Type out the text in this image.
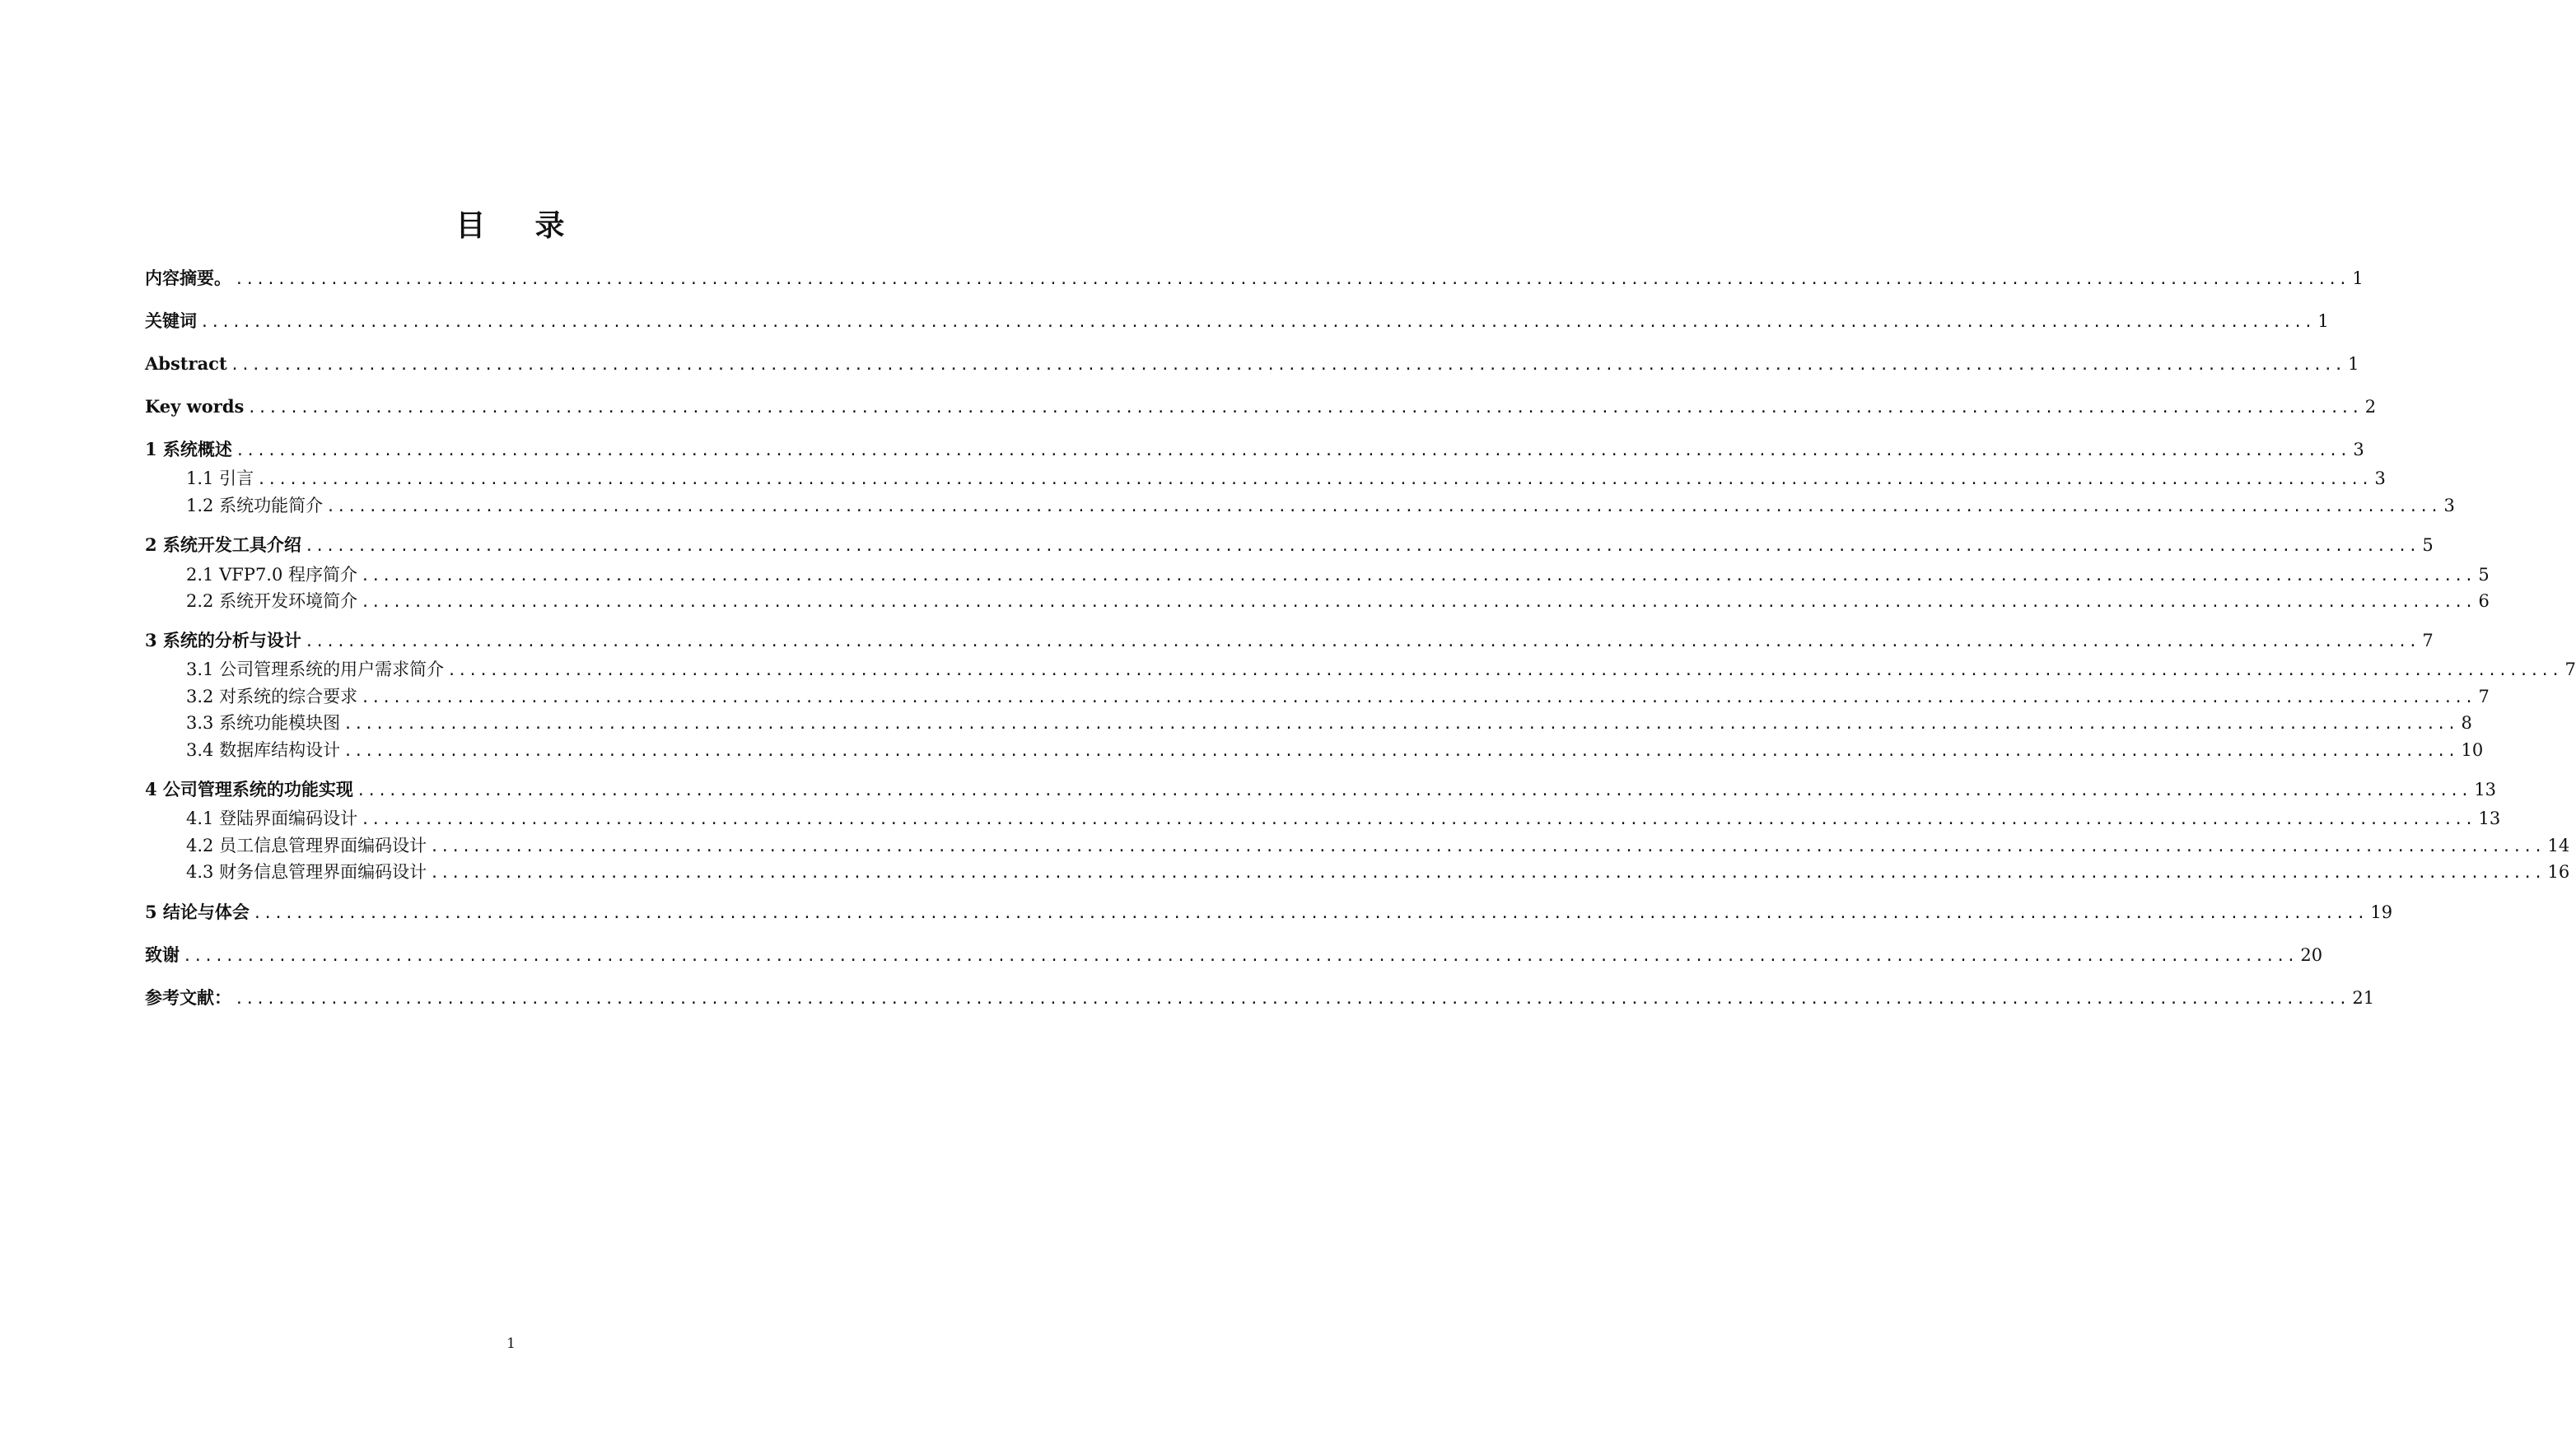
目    录
内容摘要。 ........................................................................................................................................................................................................ 1
关键词 ........................................................................................................................................................................................................ 1
Abstract ........................................................................................................................................................................................................ 1
Key words ........................................................................................................................................................................................................ 2
1 系统概述 ........................................................................................................................................................................................................ 3
1.1 引言 ........................................................................................................................................................................................................ 3
1.2 系统功能简介 ........................................................................................................................................................................................................ 3
2 系统开发工具介绍 ........................................................................................................................................................................................................ 5
2.1 VFP7.0 程序简介 ........................................................................................................................................................................................................ 5
2.2 系统开发环境简介 ........................................................................................................................................................................................................ 6
3 系统的分析与设计 ........................................................................................................................................................................................................ 7
3.1 公司管理系统的用户需求简介 ........................................................................................................................................................................................................ 7
3.2 对系统的综合要求 ........................................................................................................................................................................................................ 7
3.3 系统功能模块图 ........................................................................................................................................................................................................ 8
3.4 数据库结构设计 ........................................................................................................................................................................................................ 10
4 公司管理系统的功能实现 ........................................................................................................................................................................................................ 13
4.1 登陆界面编码设计 ........................................................................................................................................................................................................ 13
4.2 员工信息管理界面编码设计 ........................................................................................................................................................................................................ 14
4.3 财务信息管理界面编码设计 ........................................................................................................................................................................................................ 16
5 结论与体会 ........................................................................................................................................................................................................ 19
致谢 ........................................................................................................................................................................................................ 20
参考文献： ........................................................................................................................................................................................................ 21
1
